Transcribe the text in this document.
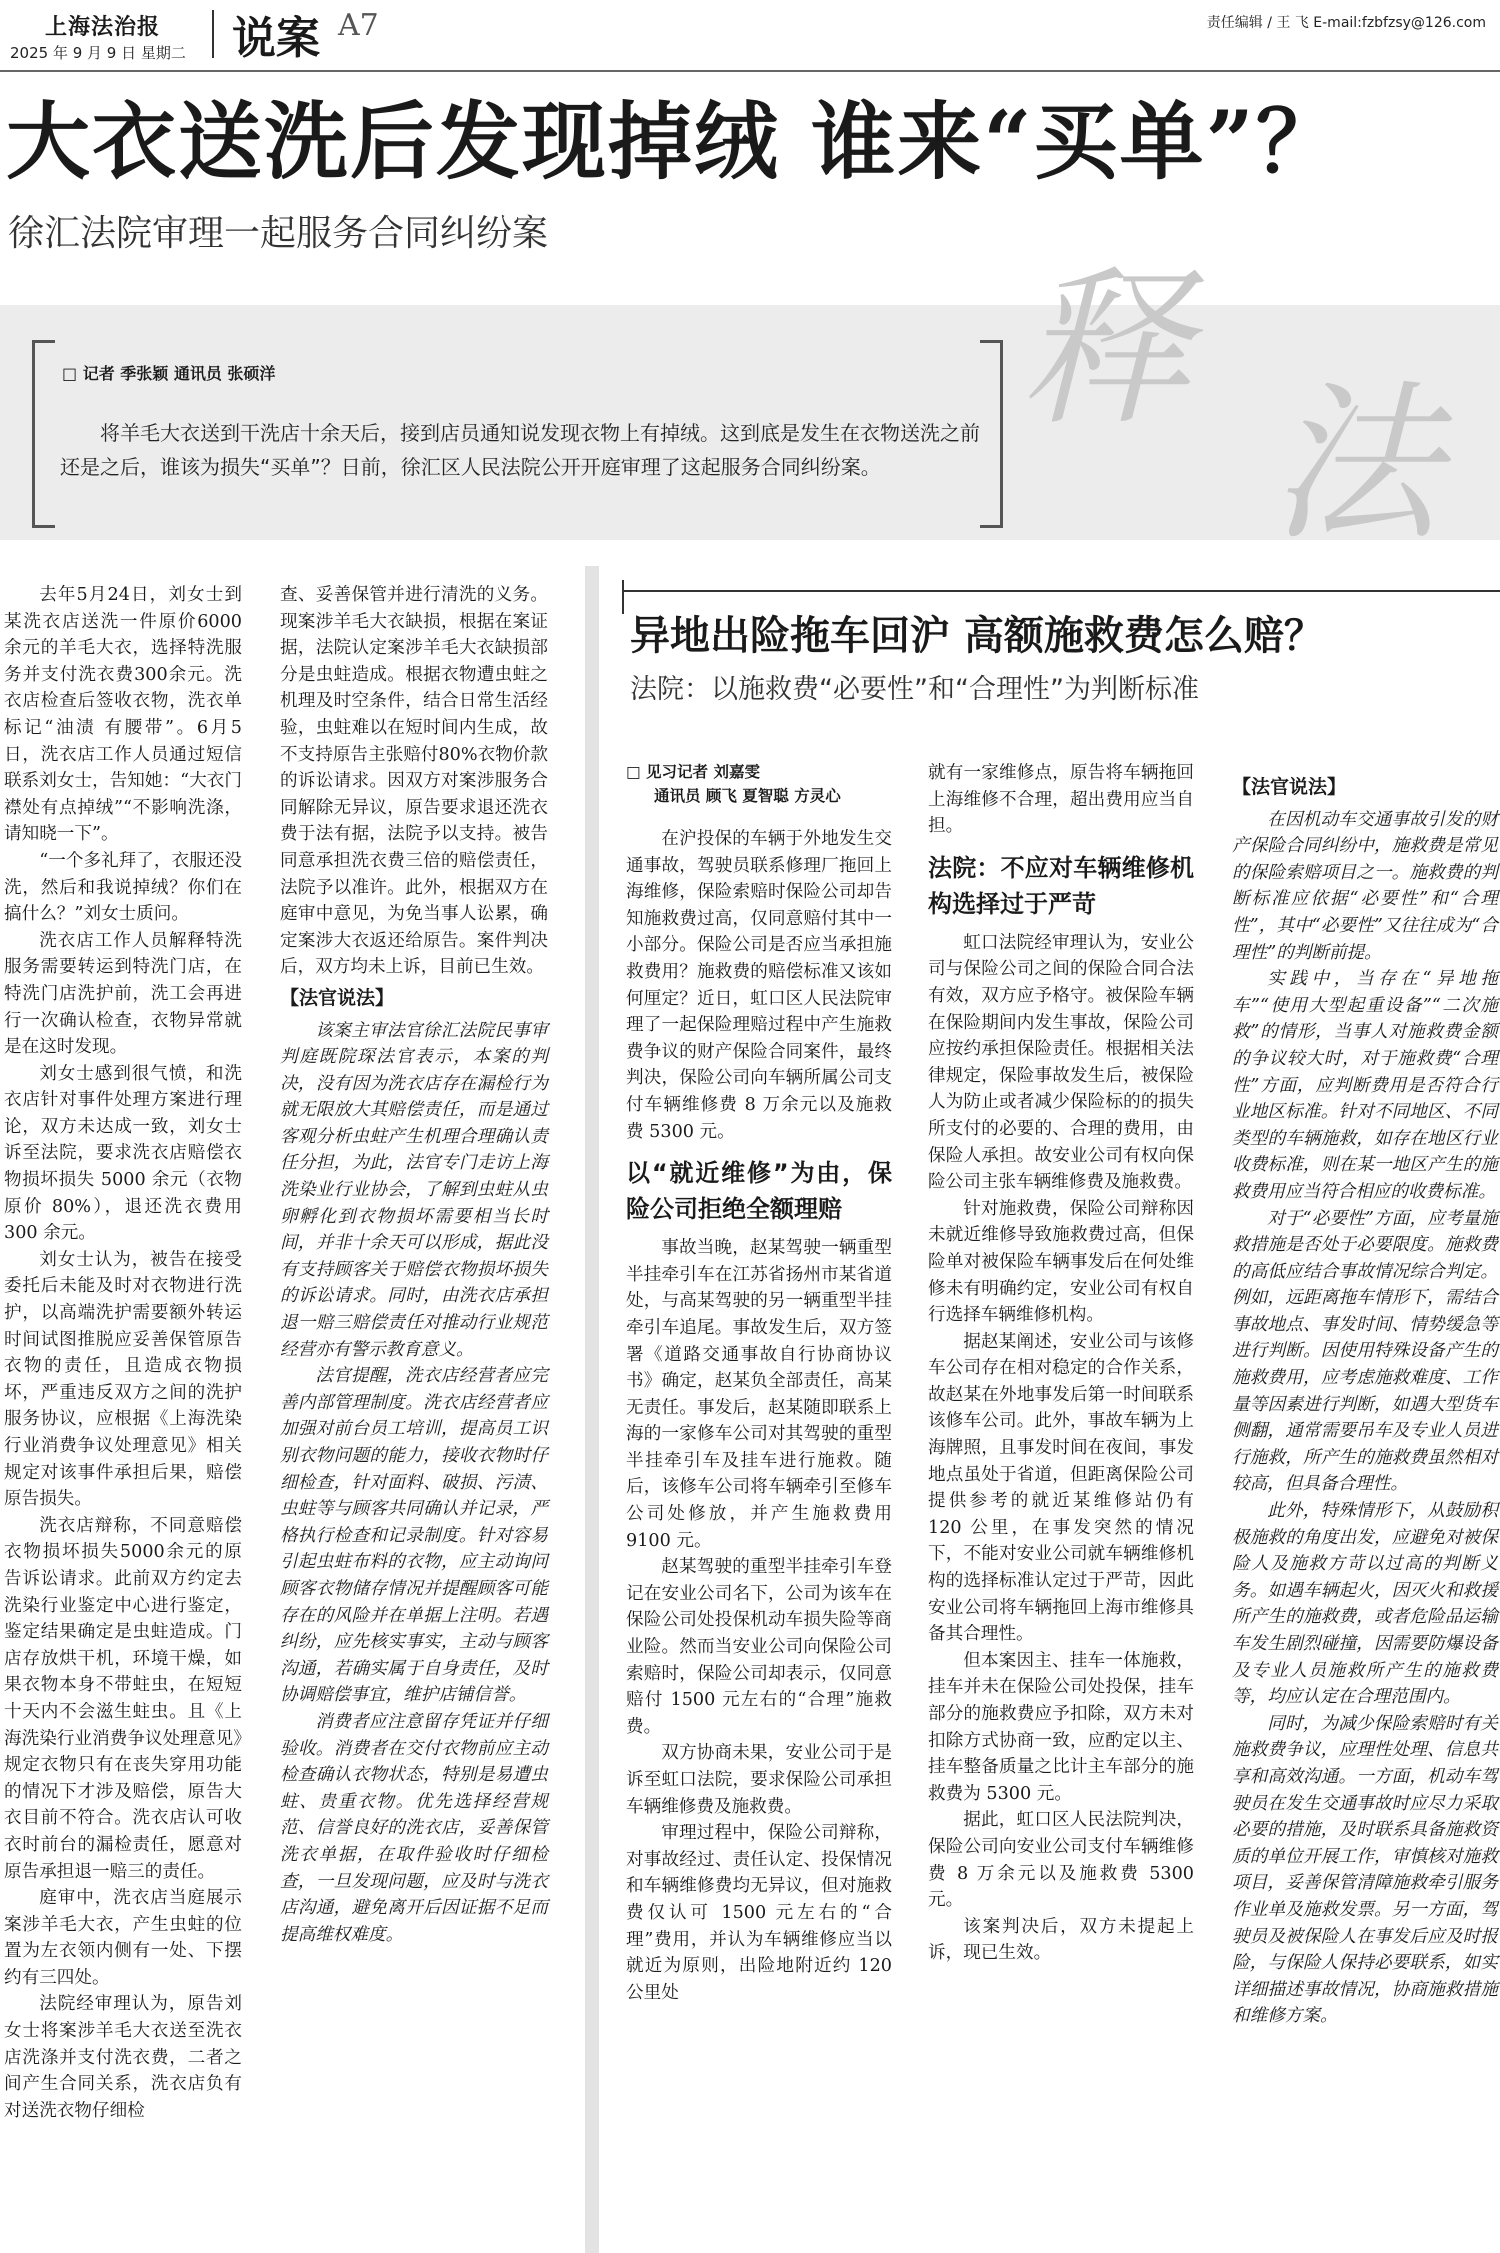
上海法治报
2025 年 9 月 9 日 星期二 说案 A7	责任编辑 / 王 飞 E-mail:fzbfzsy@126.com
大衣送洗后发现掉绒 谁来“买单”？
徐汇法院审理一起服务合同纠纷案
释
法
□ 记者 季张颖 通讯员 张硕洋
将羊毛大衣送到干洗店十余天后，接到店员通知说发现衣物上有掉绒。这到底是发生在衣物送洗之前还是之后，谁该为损失“买单”？日前，徐汇区人民法院公开开庭审理了这起服务合同纠纷案。

去年5月24日，刘女士到某洗衣店送洗一件原价6000余元的羊毛大衣，选择特洗服务并支付洗衣费300余元。洗衣店检查后签收衣物，洗衣单标记“油渍 有腰带”。6月5日，洗衣店工作人员通过短信联系刘女士，告知她：“大衣门襟处有点掉绒”“不影响洗涤，请知晓一下”。

“一个多礼拜了，衣服还没洗，然后和我说掉绒？你们在搞什么？”刘女士质问。

洗衣店工作人员解释特洗服务需要转运到特洗门店，在特洗门店洗护前，洗工会再进行一次确认检查，衣物异常就是在这时发现。

刘女士感到很气愤，和洗衣店针对事件处理方案进行理论，双方未达成一致，刘女士诉至法院，要求洗衣店赔偿衣物损坏损失 5000 余元（衣物原价 80%），退还洗衣费用 300 余元。

刘女士认为，被告在接受委托后未能及时对衣物进行洗护，以高端洗护需要额外转运时间试图推脱应妥善保管原告衣物的责任，且造成衣物损坏，严重违反双方之间的洗护服务协议，应根据《上海洗染行业消费争议处理意见》相关规定对该事件承担后果，赔偿原告损失。

洗衣店辩称，不同意赔偿衣物损坏损失5000余元的原告诉讼请求。此前双方约定去洗染行业鉴定中心进行鉴定，鉴定结果确定是虫蛀造成。门店存放烘干机，环境干燥，如果衣物本身不带蛀虫，在短短十天内不会滋生蛀虫。且《上海洗染行业消费争议处理意见》规定衣物只有在丧失穿用功能的情况下才涉及赔偿，原告大衣目前不符合。洗衣店认可收衣时前台的漏检责任，愿意对原告承担退一赔三的责任。

庭审中，洗衣店当庭展示案涉羊毛大衣，产生虫蛀的位置为左衣领内侧有一处、下摆约有三四处。

法院经审理认为，原告刘女士将案涉羊毛大衣送至洗衣店洗涤并支付洗衣费，二者之间产生合同关系，洗衣店负有对送洗衣物仔细检

查、妥善保管并进行清洗的义务。现案涉羊毛大衣缺损，根据在案证据，法院认定案涉羊毛大衣缺损部分是虫蛀造成。根据衣物遭虫蛀之机理及时空条件，结合日常生活经验，虫蛀难以在短时间内生成，故不支持原告主张赔付80%衣物价款的诉讼请求。因双方对案涉服务合同解除无异议，原告要求退还洗衣费于法有据，法院予以支持。被告同意承担洗衣费三倍的赔偿责任，法院予以准许。此外，根据双方在庭审中意见，为免当事人讼累，确定案涉大衣返还给原告。案件判决后，双方均未上诉，目前已生效。

【法官说法】

该案主审法官徐汇法院民事审判庭既院琛法官表示，本案的判决，没有因为洗衣店存在漏检行为就无限放大其赔偿责任，而是通过客观分析虫蛀产生机理合理确认责任分担，为此，法官专门走访上海洗染业行业协会，了解到虫蛀从虫卵孵化到衣物损坏需要相当长时间，并非十余天可以形成，据此没有支持顾客关于赔偿衣物损坏损失的诉讼请求。同时，由洗衣店承担退一赔三赔偿责任对推动行业规范经营亦有警示教育意义。

法官提醒，洗衣店经营者应完善内部管理制度。洗衣店经营者应加强对前台员工培训，提高员工识别衣物问题的能力，接收衣物时仔细检查，针对面料、破损、污渍、虫蛀等与顾客共同确认并记录，严格执行检查和记录制度。针对容易引起虫蛀布料的衣物，应主动询问顾客衣物储存情况并提醒顾客可能存在的风险并在单据上注明。若遇纠纷，应先核实事实，主动与顾客沟通，若确实属于自身责任，及时协调赔偿事宜，维护店铺信誉。

消费者应注意留存凭证并仔细验收。消费者在交付衣物前应主动检查确认衣物状态，特别是易遭虫蛀、贵重衣物。优先选择经营规范、信誉良好的洗衣店，妥善保管洗衣单据，在取件验收时仔细检查，一旦发现问题，应及时与洗衣店沟通，避免离开后因证据不足而提高维权难度。

异地出险拖车回沪 高额施救费怎么赔？
法院：以施救费“必要性”和“合理性”为判断标准

□ 见习记者 刘嘉雯

通讯员 顾飞 夏智聪 方灵心

在沪投保的车辆于外地发生交通事故，驾驶员联系修理厂拖回上海维修，保险索赔时保险公司却告知施救费过高，仅同意赔付其中一小部分。保险公司是否应当承担施救费用？施救费的赔偿标准又该如何厘定？近日，虹口区人民法院审理了一起保险理赔过程中产生施救费争议的财产保险合同案件，最终判决，保险公司向车辆所属公司支付车辆维修费 8 万余元以及施救费 5300 元。

以“就近维修”为由，保险公司拒绝全额理赔

事故当晚，赵某驾驶一辆重型半挂牵引车在江苏省扬州市某省道处，与高某驾驶的另一辆重型半挂牵引车追尾。事故发生后，双方签署《道路交通事故自行协商协议书》确定，赵某负全部责任，高某无责任。事发后，赵某随即联系上海的一家修车公司对其驾驶的重型半挂牵引车及挂车进行施救。随后，该修车公司将车辆牵引至修车公司处修放，并产生施救费用 9100 元。

赵某驾驶的重型半挂牵引车登记在安业公司名下，公司为该车在保险公司处投保机动车损失险等商业险。然而当安业公司向保险公司索赔时，保险公司却表示，仅同意赔付 1500 元左右的“合理”施救费。

双方协商未果，安业公司于是诉至虹口法院，要求保险公司承担车辆维修费及施救费。

审理过程中，保险公司辩称，对事故经过、责任认定、投保情况和车辆维修费均无异议，但对施救费仅认可 1500 元左右的“合理”费用，并认为车辆维修应当以就近为原则，出险地附近约 120 公里处

就有一家维修点，原告将车辆拖回上海维修不合理，超出费用应当自担。

法院：不应对车辆维修机构选择过于严苛

虹口法院经审理认为，安业公司与保险公司之间的保险合同合法有效，双方应予格守。被保险车辆在保险期间内发生事故，保险公司应按约承担保险责任。根据相关法律规定，保险事故发生后，被保险人为防止或者减少保险标的的损失所支付的必要的、合理的费用，由保险人承担。故安业公司有权向保险公司主张车辆维修费及施救费。

针对施救费，保险公司辩称因未就近维修导致施救费过高，但保险单对被保险车辆事发后在何处维修未有明确约定，安业公司有权自行选择车辆维修机构。

据赵某阐述，安业公司与该修车公司存在相对稳定的合作关系，故赵某在外地事发后第一时间联系该修车公司。此外，事故车辆为上海牌照，且事发时间在夜间，事发地点虽处于省道，但距离保险公司提供参考的就近某维修站仍有 120 公里，在事发突然的情况下，不能对安业公司就车辆维修机构的选择标准认定过于严苛，因此安业公司将车辆拖回上海市维修具备其合理性。

但本案因主、挂车一体施救，挂车并未在保险公司处投保，挂车部分的施救费应予扣除，双方未对扣除方式协商一致，应酌定以主、挂车整备质量之比计主车部分的施救费为 5300 元。

据此，虹口区人民法院判决，保险公司向安业公司支付车辆维修费 8 万余元以及施救费 5300 元。

该案判决后，双方未提起上诉，现已生效。

【法官说法】

在因机动车交通事故引发的财产保险合同纠纷中，施救费是常见的保险索赔项目之一。施救费的判断标准应依据“必要性”和“合理性”，其中“必要性”又往往成为“合理性”的判断前提。

实践中，当存在“异地拖车”“使用大型起重设备”“二次施救”的情形，当事人对施救费金额的争议较大时，对于施救费“合理性”方面，应判断费用是否符合行业地区标准。针对不同地区、不同类型的车辆施救，如存在地区行业收费标准，则在某一地区产生的施救费用应当符合相应的收费标准。

对于“必要性”方面，应考量施救措施是否处于必要限度。施救费的高低应结合事故情况综合判定。例如，远距离拖车情形下，需结合事故地点、事发时间、情势缓急等进行判断。因使用特殊设备产生的施救费用，应考虑施救难度、工作量等因素进行判断，如遇大型货车侧翻，通常需要吊车及专业人员进行施救，所产生的施救费虽然相对较高，但具备合理性。

此外，特殊情形下，从鼓励积极施救的角度出发，应避免对被保险人及施救方苛以过高的判断义务。如遇车辆起火，因灭火和救援所产生的施救费，或者危险品运输车发生剧烈碰撞，因需要防爆设备及专业人员施救所产生的施救费等，均应认定在合理范围内。

同时，为减少保险索赔时有关施救费争议，应理性处理、信息共享和高效沟通。一方面，机动车驾驶员在发生交通事故时应尽力采取必要的措施，及时联系具备施救资质的单位开展工作，审慎核对施救项目，妥善保管清障施救牵引服务作业单及施救发票。另一方面，驾驶员及被保险人在事发后应及时报险，与保险人保持必要联系，如实详细描述事故情况，协商施救措施和维修方案。
